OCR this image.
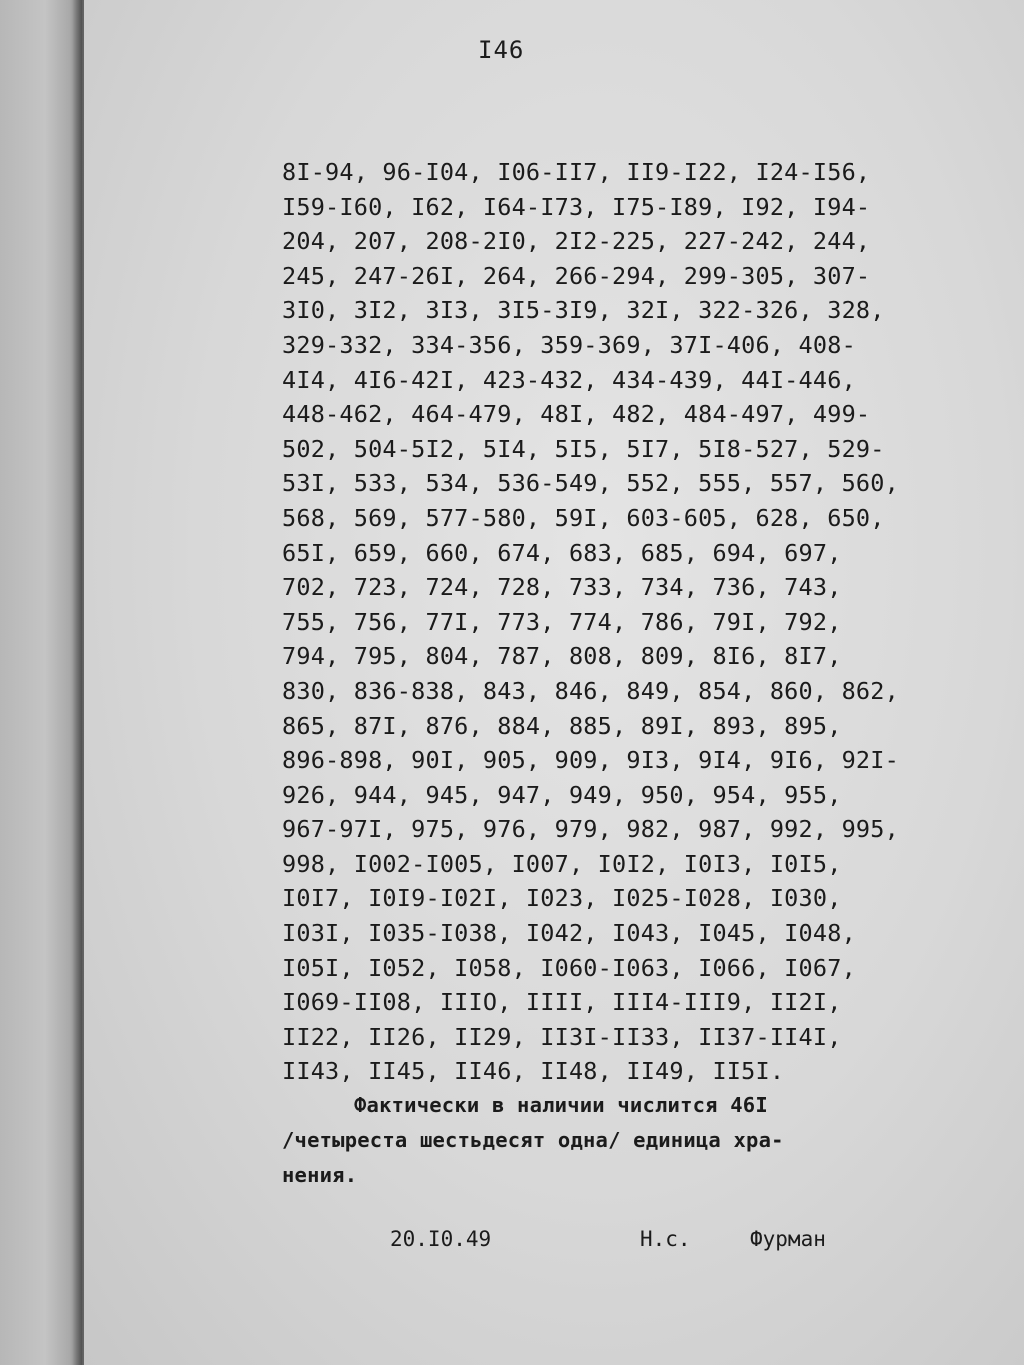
I46
8I-94, 96-I04, I06-II7, II9-I22, I24-I56,
I59-I60, I62, I64-I73, I75-I89, I92, I94-
204, 207, 208-2I0, 2I2-225, 227-242, 244,
245, 247-26I, 264, 266-294, 299-305, 307-
3I0, 3I2, 3I3, 3I5-3I9, 32I, 322-326, 328,
329-332, 334-356, 359-369, 37I-406, 408-
4I4, 4I6-42I, 423-432, 434-439, 44I-446,
448-462, 464-479, 48I, 482, 484-497, 499-
502, 504-5I2, 5I4, 5I5, 5I7, 5I8-527, 529-
53I, 533, 534, 536-549, 552, 555, 557, 560,
568, 569, 577-580, 59I, 603-605, 628, 650,
65I, 659, 660, 674, 683, 685, 694, 697,
702, 723, 724, 728, 733, 734, 736, 743,
755, 756, 77I, 773, 774, 786, 79I, 792,
794, 795, 804, 787, 808, 809, 8I6, 8I7,
830, 836-838, 843, 846, 849, 854, 860, 862,
865, 87I, 876, 884, 885, 89I, 893, 895,
896-898, 90I, 905, 909, 9I3, 9I4, 9I6, 92I-
926, 944, 945, 947, 949, 950, 954, 955,
967-97I, 975, 976, 979, 982, 987, 992, 995,
998, I002-I005, I007, I0I2, I0I3, I0I5,
I0I7, I0I9-I02I, I023, I025-I028, I030,
I03I, I035-I038, I042, I043, I045, I048,
I05I, I052, I058, I060-I063, I066, I067,
I069-II08, IIIO, IIII, III4-III9, II2I,
II22, II26, II29, II3I-II33, II37-II4I,
II43, II45, II46, II48, II49, II5I.
Фактически в наличии числится 46I
/четыреста шестьдесят одна/ единица хра-
нения.
20.I0.49	Н.с.	Фурман
